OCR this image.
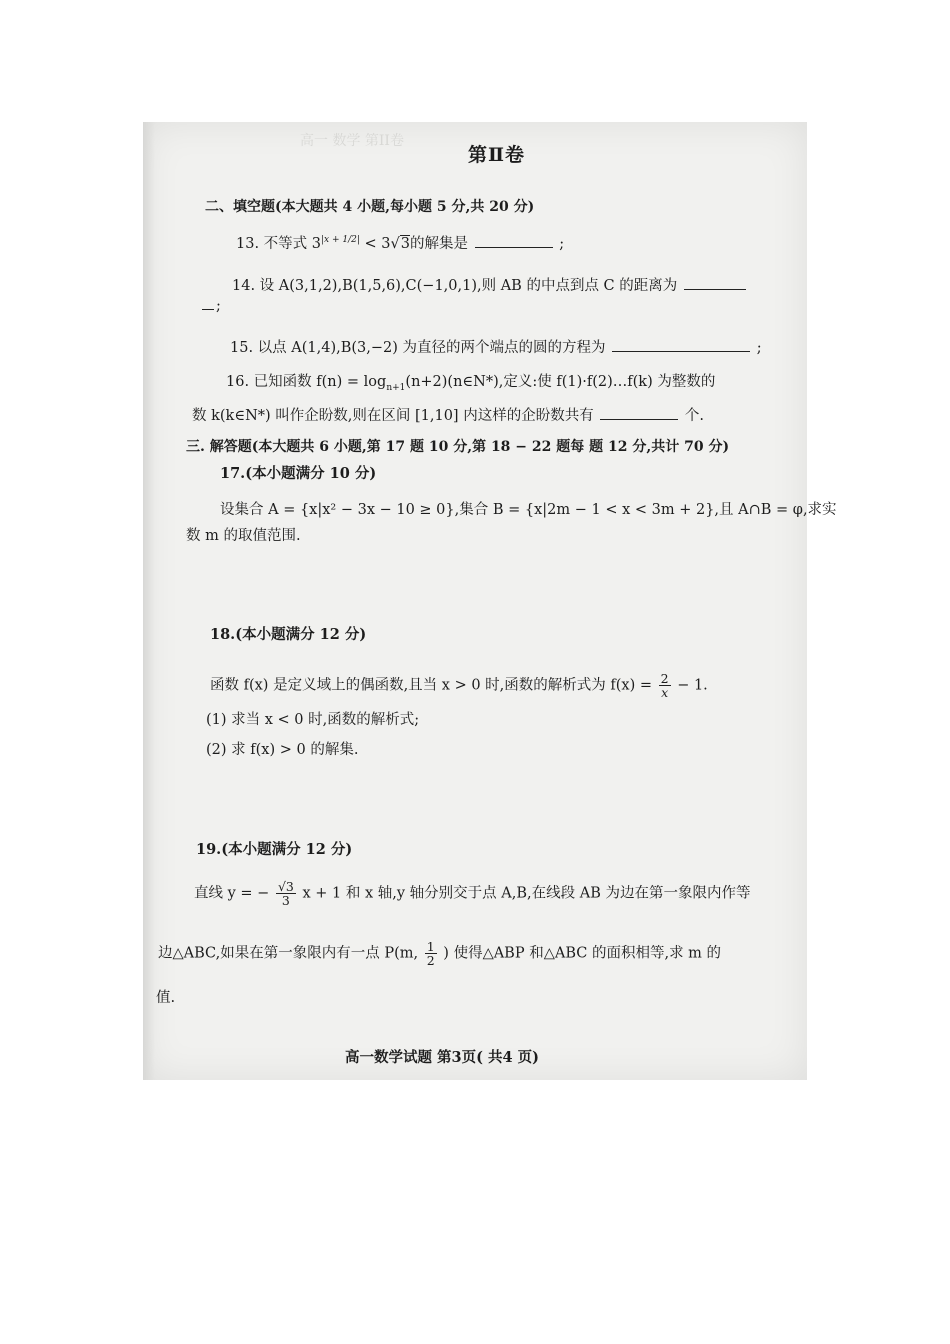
高一 数学 第II卷
第Ⅱ卷
二、填空题(本大题共 4 小题,每小题 5 分,共 20 分)
13. 不等式 $3^{|x + 1/2|} < 3√3$的解集是	;
14. 设 A(3,1,2),B(1,5,6),C(−1,0,1),则 AB 的中点到点 C 的距离为
;
15. 以点 A(1,4),B(3,−2) 为直径的两个端点的圆的方程为	;
16. 已知函数 $f(n) = \log_{n+1}(n+2)(n\in N*)$,定义:使 f(1)·f(2)…f(k) 为整数的
数 k(k∈N*) 叫作企盼数,则在区间 [1,10] 内这样的企盼数共有	个.
三. 解答题(本大题共 6 小题,第 17 题 10 分,第 18 − 22 题每 题 12 分,共计 70 分)
17.(本小题满分 10 分)
设集合 A = {x|x² − 3x − 10 ≥ 0},集合 B = {x|2m − 1 < x < 3m + 2},且 A∩B = φ,求实
数 m 的取值范围.
18.(本小题满分 12 分)
函数 f(x) 是定义域上的偶函数,且当 x > 0 时,函数的解析式为 $f(x) = \frac{2}{x} - 1$.
(1) 求当 x < 0 时,函数的解析式;
(2) 求 f(x) > 0 的解集.
19.(本小题满分 12 分)
直线 y = − $\frac{√3}{3}$ x + 1 和 x 轴,y 轴分别交于点 A,B,在线段 AB 为边在第一象限内作等
边△ABC,如果在第一象限内有一点 P(m, $\frac{1}{2}$ ) 使得△ABP 和△ABC 的面积相等,求 m 的
值.
高一数学试题 第3页( 共4 页)
